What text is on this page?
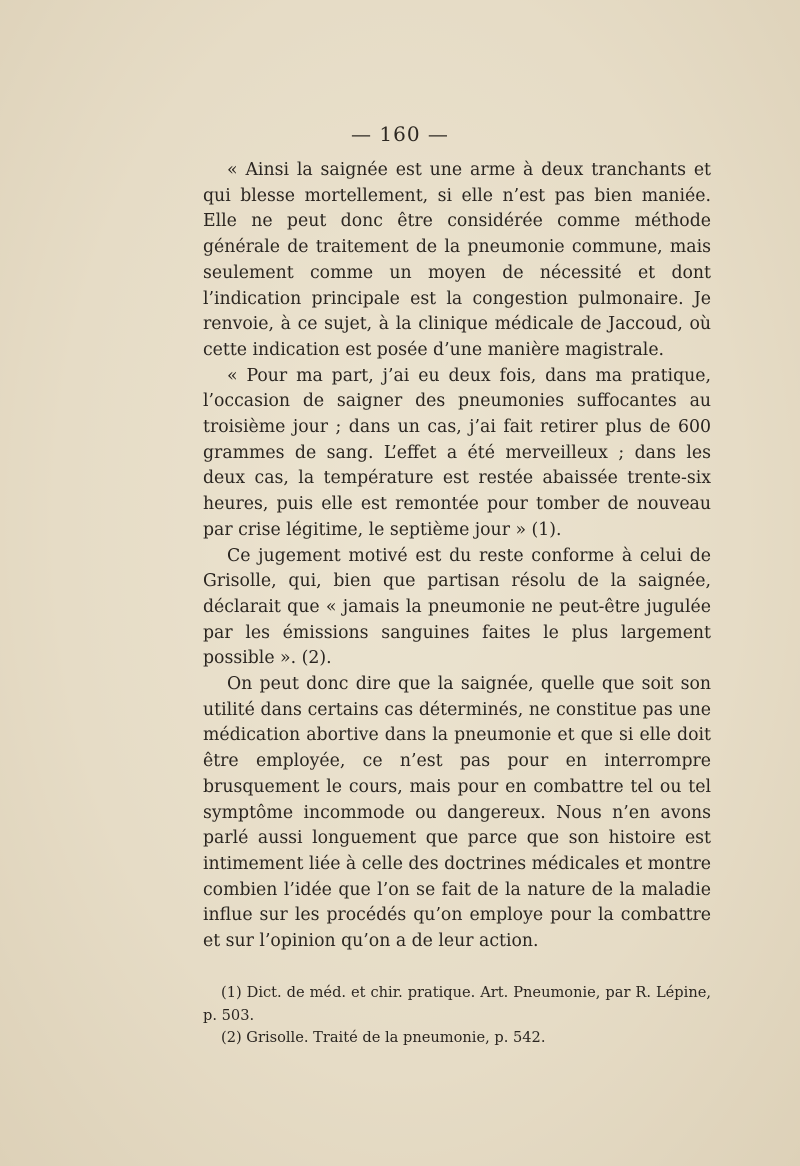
— 160 —

« Ainsi la saignée est une arme à deux tranchants et qui blesse mortellement, si elle n’est pas bien maniée. Elle ne peut donc être considérée comme méthode générale de traitement de la pneumonie commune, mais seulement comme un moyen de nécessité et dont l’indication principale est la congestion pulmonaire. Je renvoie, à ce sujet, à la clinique médicale de Jaccoud, où cette indication est posée d’une manière magistrale.

« Pour ma part, j’ai eu deux fois, dans ma pratique, l’occasion de saigner des pneumonies suffocantes au troisième jour ; dans un cas, j’ai fait retirer plus de 600 grammes de sang. L’effet a été merveilleux ; dans les deux cas, la température est restée abaissée trente-six heures, puis elle est remontée pour tomber de nouveau par crise légitime, le septième jour » (1).

Ce jugement motivé est du reste conforme à celui de Grisolle, qui, bien que partisan résolu de la saignée, déclarait que « jamais la pneumonie ne peut-être jugulée par les émissions sanguines faites le plus largement possible ». (2).

On peut donc dire que la saignée, quelle que soit son utilité dans certains cas déterminés, ne constitue pas une médication abortive dans la pneumonie et que si elle doit être employée, ce n’est pas pour en interrompre brusquement le cours, mais pour en combattre tel ou tel symptôme incommode ou dangereux. Nous n’en avons parlé aussi longuement que parce que son histoire est intimement liée à celle des doctrines médicales et montre combien l’idée que l’on se fait de la nature de la maladie influe sur les procédés qu’on employe pour la combattre et sur l’opinion qu’on a de leur action.

(1) Dict. de méd. et chir. pratique. Art. Pneumonie, par R. Lépine, p. 503.

(2) Grisolle. Traité de la pneumonie, p. 542.
